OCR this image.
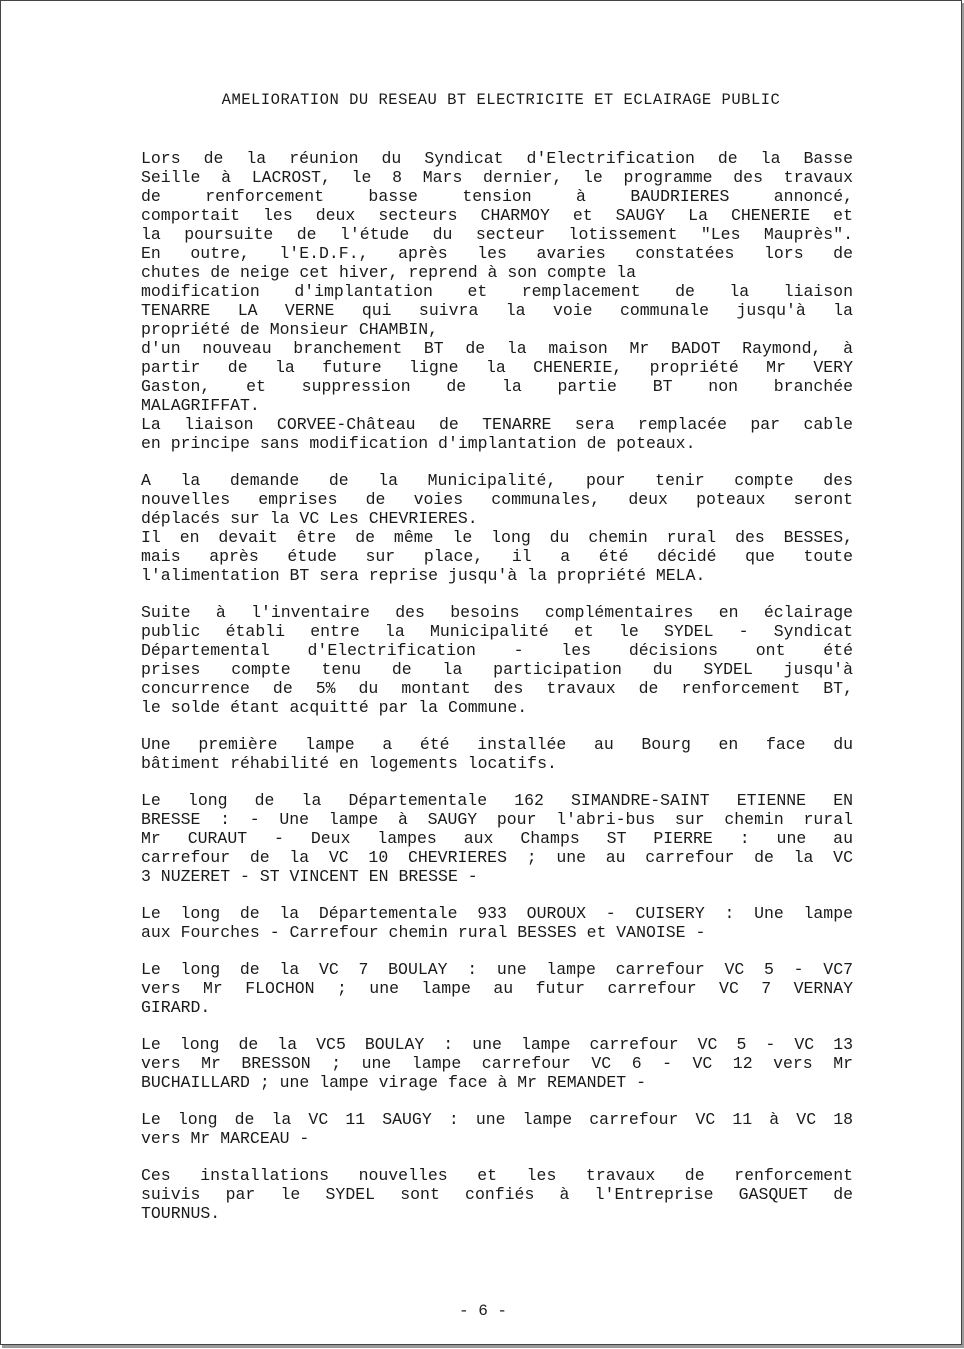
AMELIORATION DU RESEAU BT ELECTRICITE ET ECLAIRAGE PUBLIC
Lors de la réunion du Syndicat d'Electrification de la Basse
Seille à LACROST, le 8 Mars dernier, le programme des travaux
de renforcement basse tension à BAUDRIERES annoncé,
comportait les deux secteurs CHARMOY et SAUGY La CHENERIE et
la poursuite de l'étude du secteur lotissement "Les Mauprès".
En outre, l'E.D.F., après les avaries constatées lors de
chutes de neige cet hiver, reprend à son compte la
modification d'implantation et remplacement de la liaison
TENARRE LA VERNE qui suivra la voie communale jusqu'à la
propriété de Monsieur CHAMBIN,
d'un nouveau branchement BT de la maison Mr BADOT Raymond, à
partir de la future ligne la CHENERIE, propriété Mr VERY
Gaston, et suppression de la partie BT non branchée
MALAGRIFFAT.
La liaison CORVEE-Château de TENARRE sera remplacée par cable
en principe sans modification d'implantation de poteaux.
A la demande de la Municipalité, pour tenir compte des
nouvelles emprises de voies communales, deux poteaux seront
déplacés sur la VC Les CHEVRIERES.
Il en devait être de même le long du chemin rural des BESSES,
mais après étude sur place, il a été décidé que toute
l'alimentation BT sera reprise jusqu'à la propriété MELA.
Suite à l'inventaire des besoins complémentaires en éclairage
public établi entre la Municipalité et le SYDEL - Syndicat
Départemental d'Electrification - les décisions ont été
prises compte tenu de la participation du SYDEL jusqu'à
concurrence de 5% du montant des travaux de renforcement BT,
le solde étant acquitté par la Commune.
Une première lampe a été installée au Bourg en face du
bâtiment réhabilité en logements locatifs.
Le long de la Départementale 162 SIMANDRE-SAINT ETIENNE EN
BRESSE : - Une lampe à SAUGY pour l'abri-bus sur chemin rural
Mr CURAUT - Deux lampes aux Champs ST PIERRE : une au
carrefour de la VC 10 CHEVRIERES ; une au carrefour de la VC
3 NUZERET - ST VINCENT EN BRESSE -
Le long de la Départementale 933 OUROUX - CUISERY : Une lampe
aux Fourches - Carrefour chemin rural BESSES et VANOISE -
Le long de la VC 7 BOULAY : une lampe carrefour VC 5 - VC7
vers Mr FLOCHON ; une lampe au futur carrefour VC 7 VERNAY
GIRARD.
Le long de la VC5 BOULAY : une lampe carrefour VC 5 - VC 13
vers Mr BRESSON ; une lampe carrefour VC 6 - VC 12 vers Mr
BUCHAILLARD ; une lampe virage face à Mr REMANDET -
Le long de la VC 11 SAUGY : une lampe carrefour VC 11 à VC 18
vers Mr MARCEAU -
Ces installations nouvelles et les travaux de renforcement
suivis par le SYDEL sont confiés à l'Entreprise GASQUET de
TOURNUS.
- 6 -
